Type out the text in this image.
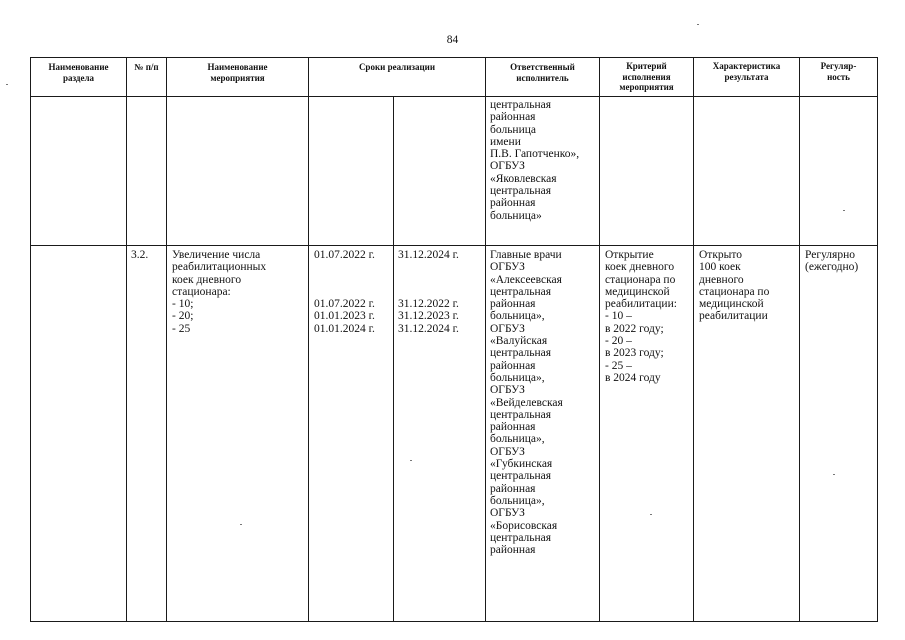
84
Наименование
раздела
№ п/п	Наименование
мероприятия
Сроки реализации	Ответственный
исполнитель
Критерий
исполнения
мероприятия
Характеристика
результата
Регуляр-
ность
центральная
районная
больница
имени
П.В. Гапотченко»,
ОГБУЗ
«Яковлевская
центральная
районная
больница»
3.2. Увеличение числа
реабилитационных
коек дневного
стационара:
- 10;
- 20;
- 25
01.07.2022 г.

01.07.2022 г.
01.01.2023 г.
01.01.2024 г.
31.12.2024 г.

31.12.2022 г.
31.12.2023 г.
31.12.2024 г.
Главные врачи
ОГБУЗ
«Алексеевская
центральная
районная
больница»,
ОГБУЗ
«Валуйская
центральная
районная
больница»,
ОГБУЗ
«Вейделевская
центральная
районная
больница»,
ОГБУЗ
«Губкинская
центральная
районная
больница»,
ОГБУЗ
«Борисовская
центральная
районная
Открытие
коек дневного
стационара по
медицинской
реабилитации:
- 10 –
в 2022 году;
- 20 –
в 2023 году;
- 25 –
в 2024 году
Открыто
100 коек
дневного
стационара по
медицинской
реабилитации
Регулярно
(ежегодно)
